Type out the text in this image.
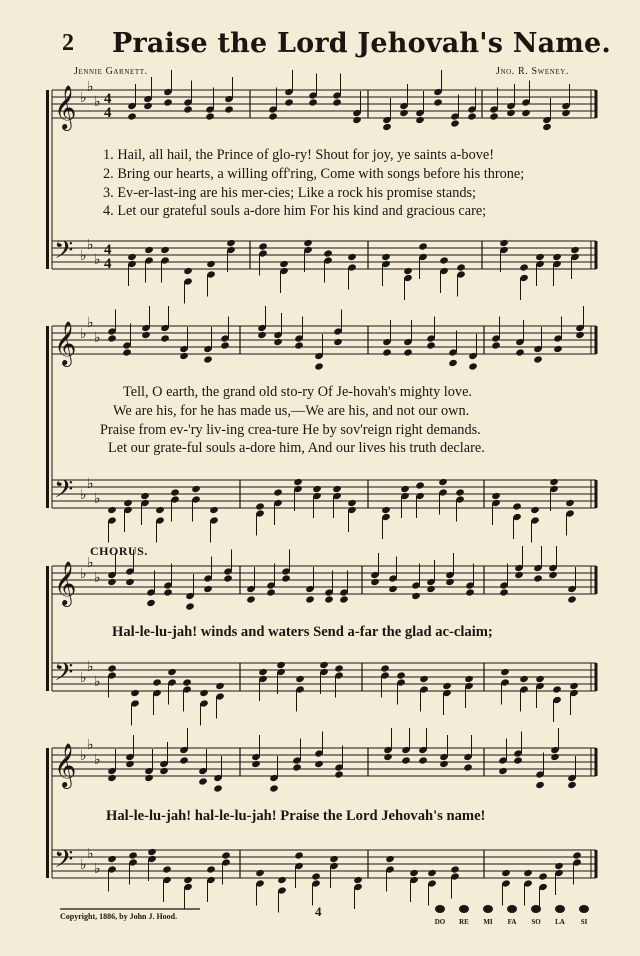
𝄞
𝄢
♭
♭
♭
♭
♭
♭
4
4
4
4
𝄞
𝄢
♭
♭
♭
♭
♭
♭
𝄞
𝄢
♭
♭
♭
♭
♭
♭
𝄞
𝄢
♭
♭
♭
♭
♭
♭
2 Praise the Lord Jehovah's Name.
Jennie Garnett.	Jno. R. Sweney.
1. Hail, all hail, the Prince of glo-ry! Shout for joy, ye saints a-bove!
2. Bring our hearts, a willing off'ring, Come with songs before his throne;
3. Ev-er-last-ing are his mer-cies; Like a rock his promise stands;
4. Let our grateful souls a-dore him For his kind and gracious care;
Tell, O earth, the grand old sto-ry Of Je-hovah's mighty love.
We are his, for he has made us,—We are his, and not our own.
Praise from ev-'ry liv-ing crea-ture He by sov'reign right demands.
Let our grate-ful souls a-dore him, And our lives his truth declare.
CHORUS.
Hal-le-lu-jah! winds and waters Send a-far the glad ac-claim;
Hal-le-lu-jah! hal-le-lu-jah! Praise the Lord Jehovah's name!
Copyright, 1886, by John J. Hood.	4
DO	RE	MI	FA	SO	LA	SI
